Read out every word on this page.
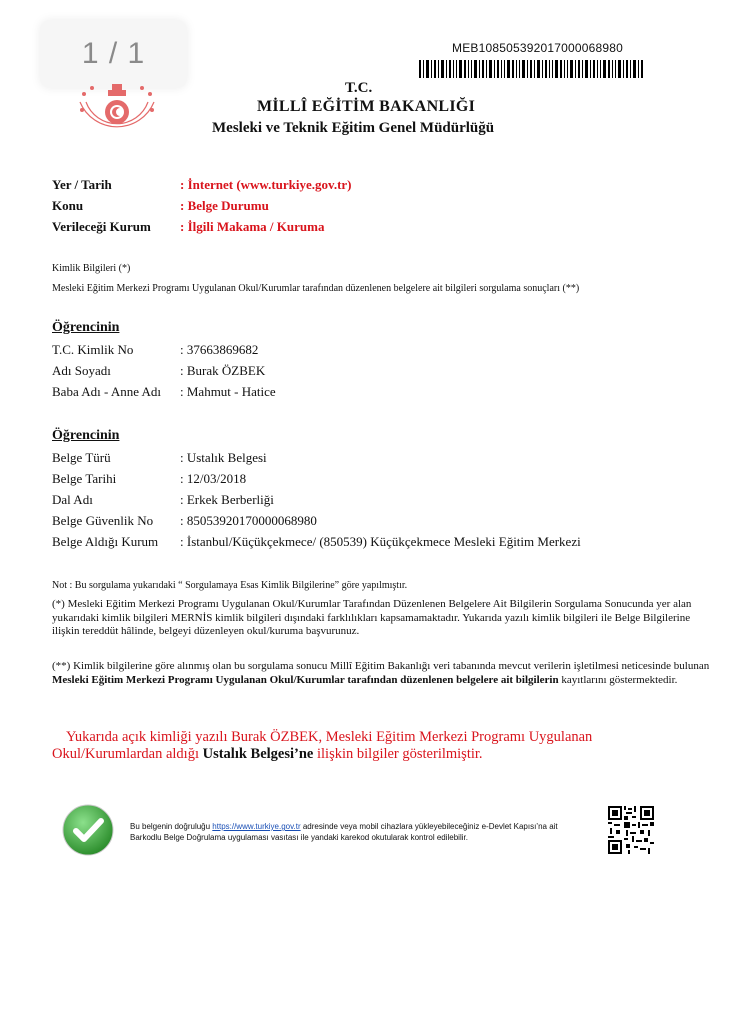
1 / 1	MEB108505392017000068980
T.C.
MİLLÎ EĞİTİM BAKANLIĞI
Mesleki ve Teknik Eğitim Genel Müdürlüğü
Yer / Tarih	: İnternet (www.turkiye.gov.tr)
Konu	: Belge Durumu
Verileceği Kurum : İlgili Makama / Kuruma
Kimlik Bilgileri (*)
Mesleki Eğitim Merkezi Programı Uygulanan Okul/Kurumlar tarafından düzenlenen belgelere ait bilgileri sorgulama sonuçları (**)
Öğrencinin
T.C. Kimlik No	: 37663869682
Adı Soyadı	: Burak ÖZBEK
Baba Adı - Anne Adı : Mahmut - Hatice
Öğrencinin
Belge Türü	: Ustalık Belgesi
Belge Tarihi	: 12/03/2018
Dal Adı	: Erkek Berberliği
Belge Güvenlik No : 85053920170000068980
Belge Aldığı Kurum : İstanbul/Küçükçekmece/ (850539) Küçükçekmece Mesleki Eğitim Merkezi
Not : Bu sorgulama yukarıdaki “ Sorgulamaya Esas Kimlik Bilgilerine” göre yapılmıştır.
(*) Mesleki Eğitim Merkezi Programı Uygulanan Okul/Kurumlar Tarafından Düzenlenen Belgelere Ait Bilgilerin Sorgulama Sonucunda yer alan yukarıdaki kimlik bilgileri MERNİS kimlik bilgileri dışındaki farklılıkları kapsamamaktadır. Yukarıda yazılı kimlik bilgileri ile Belge Bilgilerine ilişkin tereddüt hâlinde, belgeyi düzenleyen okul/kuruma başvurunuz.
(**) Kimlik bilgilerine göre alınmış olan bu sorgulama sonucu Millî Eğitim Bakanlığı veri tabanında mevcut verilerin işletilmesi neticesinde bulunan Mesleki Eğitim Merkezi Programı Uygulanan Okul/Kurumlar tarafından düzenlenen belgelere ait bilgilerin kayıtlarını göstermektedir.
Yukarıda açık kimliği yazılı Burak ÖZBEK, Mesleki Eğitim Merkezi Programı Uygulanan Okul/Kurumlardan aldığı Ustalık Belgesi’ne ilişkin bilgiler gösterilmiştir.
Bu belgenin doğruluğu https://www.turkiye.gov.tr adresinde veya mobil cihazlara yükleyebileceğiniz e-Devlet Kapısı’na ait Barkodlu Belge Doğrulama uygulaması vasıtası ile yandaki karekod okutularak kontrol edilebilir.
